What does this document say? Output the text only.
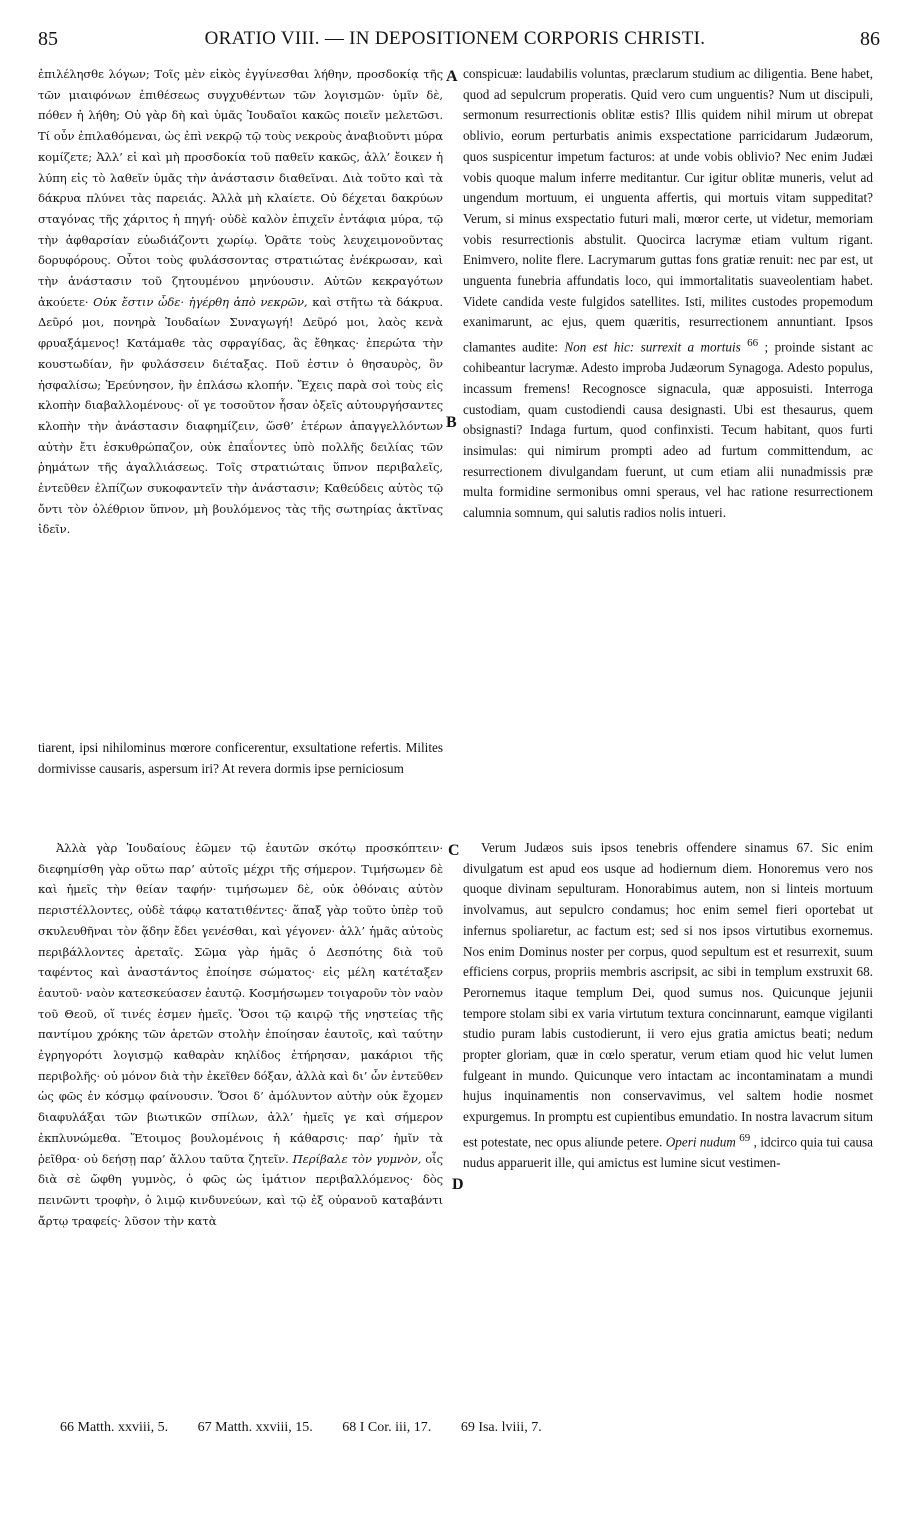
85	ORATIO VIII. — IN DEPOSITIONEM CORPORIS CHRISTI.	86

ἐπιλέλησθε λόγων; Τοῖς μὲν εἰκὸς ἐγγίνεσθαι λήθην, προσδοκίᾳ τῆς τῶν μιαιφόνων ἐπιθέσεως συγχυθέντων τῶν λογισμῶν· ὑμῖν δὲ, πόθεν ἡ λήθη; Οὐ γὰρ δὴ καὶ ὑμᾶς Ἰουδαῖοι κακῶς ποιεῖν μελετῶσι. Τί οὖν ἐπιλαθόμεναι, ὡς ἐπὶ νεκρῷ τῷ τοὺς νεκροὺς ἀναβιοῦντι μύρα κομίζετε; Ἀλλ’ εἰ καὶ μὴ προσδοκία τοῦ παθεῖν κακῶς, ἀλλ’ ἔοικεν ἡ λύπη εἰς τὸ λαθεῖν ὑμᾶς τὴν ἀνάστασιν διαθεῖναι. Διὰ τοῦτο καὶ τὰ δάκρυα πλύνει τὰς παρειάς. Ἀλλὰ μὴ κλαίετε. Οὐ δέχεται δακρύων σταγόνας τῆς χάριτος ἡ πηγή· οὐδὲ καλὸν ἐπιχεῖν ἐντάφια μύρα, τῷ τὴν ἀφθαρσίαν εὐωδιάζοντι χωρίῳ. Ὁρᾶτε τοὺς λευχειμονοῦντας δορυφόρους. Οὗτοι τοὺς φυλάσσοντας στρατιώτας ἐνέκρωσαν, καὶ τὴν ἀνάστασιν τοῦ ζητουμένου μηνύουσιν. Αὐτῶν κεκραγότων ἀκούετε· Οὐκ ἔστιν ὧδε· ἠγέρθη ἀπὸ νεκρῶν, καὶ στῆτω τὰ δάκρυα. Δεῦρό μοι, πονηρὰ Ἰουδαίων Συναγωγή! Δεῦρό μοι, λαὸς κενὰ φρυαξάμενος! Κατάμαθε τὰς σφραγίδας, ἃς ἔθηκας· ἐπερώτα τὴν κουστωδίαν, ἣν φυλάσσειν διέταξας. Ποῦ ἐστιν ὁ θησαυρὸς, ὃν ἠσφαλίσω; Ἐρεύνησον, ἣν ἐπλάσω κλοπήν. Ἔχεις παρὰ σοὶ τοὺς εἰς κλοπὴν διαβαλλομένους· οἵ γε τοσοῦτον ἦσαν ὀξεῖς αὐτουργήσαντες κλοπὴν τὴν ἀνάστασιν διαφημίζειν, ὥσθ’ ἑτέρων ἀπαγγελλόντων αὐτὴν ἔτι ἐσκυθρώπαζον, οὐκ ἐπαΐοντες ὑπὸ πολλῆς δειλίας τῶν ῥημάτων τῆς ἀγαλλιάσεως. Τοῖς στρατιώταις ὕπνον περιβαλεῖς, ἐντεῦθεν ἐλπίζων συκοφαντεῖν τὴν ἀνάστασιν; Καθεύδεις αὐτὸς τῷ ὄντι τὸν ὀλέθριον ὕπνον, μὴ βουλόμενος τὰς τῆς σωτηρίας ἀκτῖνας ἰδεῖν.

A
B

conspicuæ: laudabilis voluntas, præclarum studium ac diligentia. Bene habet, quod ad sepulcrum properatis. Quid vero cum unguentis? Num ut discipuli, sermonum resurrectionis oblitæ estis? Illis quidem nihil mirum ut obrepat oblivio, eorum perturbatis animis exspectatione parricidarum Judæorum, quos suspicentur impetum facturos: at unde vobis oblivio? Nec enim Judæi vobis quoque malum inferre meditantur. Cur igitur oblitæ muneris, velut ad ungendum mortuum, ei unguenta affertis, qui mortuis vitam suppeditat? Verum, si minus exspectatio futuri mali, mœror certe, ut videtur, memoriam vobis resurrectionis abstulit. Quocirca lacrymæ etiam vultum rigant. Enimvero, nolite flere. Lacrymarum guttas fons gratiæ renuit: nec par est, ut unguenta funebria affundatis loco, qui immortalitatis suaveolentiam habet. Videte candida veste fulgidos satellites. Isti, milites custodes propemodum exanimarunt, ac ejus, quem quæritis, resurrectionem annuntiant. Ipsos clamantes audite: Non est hic: surrexit a mortuis $^{66}$ ; proinde sistant ac cohibeantur lacrymæ. Adesto improba Judæorum Synagoga. Adesto populus, incassum fremens! Recognosce signacula, quæ apposuisti. Interroga custodiam, quam custodiendi causa designasti. Ubi est thesaurus, quem obsignasti? Indaga furtum, quod confinxisti. Tecum habitant, quos furti insimulas: qui nimirum prompti adeo ad furtum committendum, ac resurrectionem divulgandam fuerunt, ut cum etiam alii nunadmissis præ multa formidine sermonibus omni speraus, vel hac ratione resurrectionem calumnia somnum, qui salutis radios nolis intueri.

tiarent, ipsi nihilominus mœrore conficerentur, exsultatione refertis. Milites dormivisse causaris, aspersum iri? At revera dormis ipse perniciosum
C
D

Ἀλλὰ γὰρ Ἰουδαίους ἐῶμεν τῷ ἑαυτῶν σκότῳ προσκόπτειν· διεφημίσθη γὰρ οὕτω παρ’ αὐτοῖς μέχρι τῆς σήμερον. Τιμήσωμεν δὲ καὶ ἡμεῖς τὴν θείαν ταφήν· τιμήσωμεν δὲ, οὐκ ὀθόναις αὐτὸν περιστέλλοντες, οὐδὲ τάφῳ κατατιθέντες· ἅπαξ γὰρ τοῦτο ὑπὲρ τοῦ σκυλευθῆναι τὸν ᾅδην ἔδει γενέσθαι, καὶ γέγονεν· ἀλλ’ ἡμᾶς αὐτοὺς περιβάλλοντες ἀρεταῖς. Σῶμα γὰρ ἡμᾶς ὁ Δεσπότης διὰ τοῦ ταφέντος καὶ ἀναστάντος ἐποίησε σώματος· εἰς μέλη κατέταξεν ἑαυτοῦ· ναὸν κατεσκεύασεν ἑαυτῷ. Κοσμήσωμεν τοιγαροῦν τὸν ναὸν τοῦ Θεοῦ, οἵ τινές ἐσμεν ἡμεῖς. Ὅσοι τῷ καιρῷ τῆς νηστείας τῆς παντίμου χρόκης τῶν ἀρετῶν στολὴν ἐποίησαν ἑαυτοῖς, καὶ ταύτην ἐγρηγορότι λογισμῷ καθαρὰν κηλίδος ἐτήρησαν, μακάριοι τῆς περιβολῆς· οὐ μόνον διὰ τὴν ἐκεῖθεν δόξαν, ἀλλὰ καὶ δι’ ὧν ἐντεῦθεν ὡς φῶς ἐν κόσμῳ φαίνουσιν. Ὅσοι δ’ ἀμόλυντον αὐτὴν οὐκ ἔχομεν διαφυλάξαι τῶν βιωτικῶν σπίλων, ἀλλ’ ἡμεῖς γε καὶ σήμερον ἐκπλυνώμεθα. Ἕτοιμος βουλομένοις ἡ κάθαρσις· παρ’ ἡμῖν τὰ ῥεῖθρα· οὐ δεήσῃ παρ’ ἄλλου ταῦτα ζητεῖν. Περίβαλε τὸν γυμνὸν, οἷς διὰ σὲ ὤφθη γυμνὸς, ὁ φῶς ὡς ἱμάτιον περιβαλλόμενος· δὸς πεινῶντι τροφὴν, ὁ λιμῷ κινδυνεύων, καὶ τῷ ἐξ οὐρανοῦ καταβάντι ἄρτῳ τραφείς· λῦσον τὴν κατὰ

Verum Judæos suis ipsos tenebris offendere sinamus 67. Sic enim divulgatum est apud eos usque ad hodiernum diem. Honoremus vero nos quoque divinam sepulturam. Honorabimus autem, non si linteis mortuum involvamus, aut sepulcro condamus; hoc enim semel fieri oportebat ut infernus spoliaretur, ac factum est; sed si nos ipsos virtutibus exornemus. Nos enim Dominus noster per corpus, quod sepultum est et resurrexit, suum efficiens corpus, propriis membris ascripsit, ac sibi in templum exstruxit 68. Perornemus itaque templum Dei, quod sumus nos. Quicunque jejunii tempore stolam sibi ex varia virtutum textura concinnarunt, eamque vigilanti studio puram labis custodierunt, ii vero ejus gratia amictus beati; nedum propter gloriam, quæ in cœlo speratur, verum etiam quod hic velut lumen fulgeant in mundo. Quicunque vero intactam ac incontaminatam a mundi hujus inquinamentis non conservavimus, vel saltem hodie nosmet expurgemus. In promptu est cupientibus emundatio. In nostra lavacrum situm est potestate, nec opus aliunde petere. Operi nudum $^{69}$ , idcirco quia tui causa nudus apparuerit ille, qui amictus est lumine sicut vestimen-

66 Matth. xxviii, 5. 67 Matth. xxviii, 15. 68 I Cor. iii, 17. 69 Isa. lviii, 7.
